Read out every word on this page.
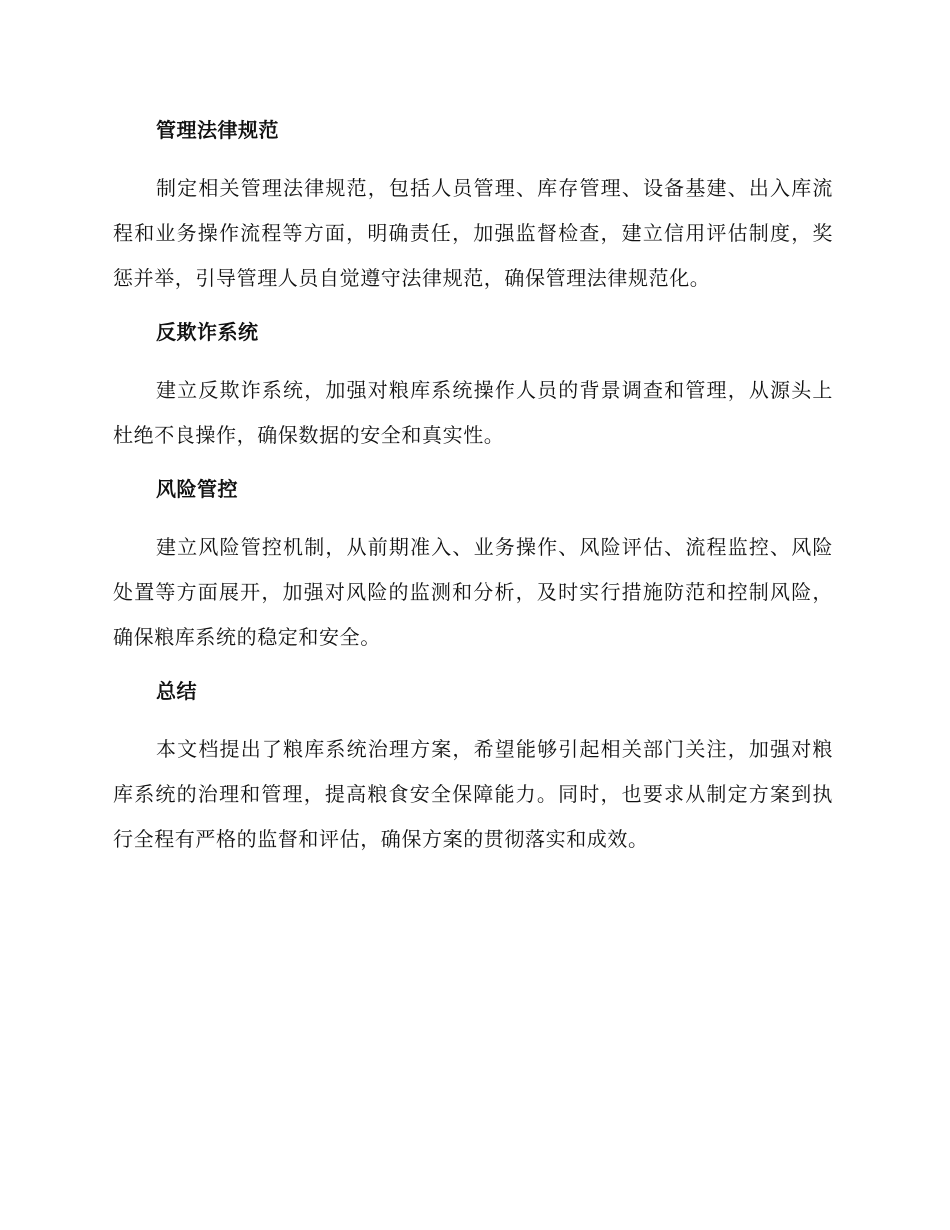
管理法律规范
制定相关管理法律规范，包括人员管理、库存管理、设备基建、出入库流程和业务操作流程等方面，明确责任，加强监督检查，建立信用评估制度，奖惩并举，引导管理人员自觉遵守法律规范，确保管理法律规范化。
反欺诈系统
建立反欺诈系统，加强对粮库系统操作人员的背景调查和管理，从源头上杜绝不良操作，确保数据的安全和真实性。
风险管控
建立风险管控机制，从前期准入、业务操作、风险评估、流程监控、风险处置等方面展开，加强对风险的监测和分析，及时实行措施防范和控制风险，确保粮库系统的稳定和安全。
总结
本文档提出了粮库系统治理方案，希望能够引起相关部门关注，加强对粮库系统的治理和管理，提高粮食安全保障能力。同时，也要求从制定方案到执行全程有严格的监督和评估，确保方案的贯彻落实和成效。
